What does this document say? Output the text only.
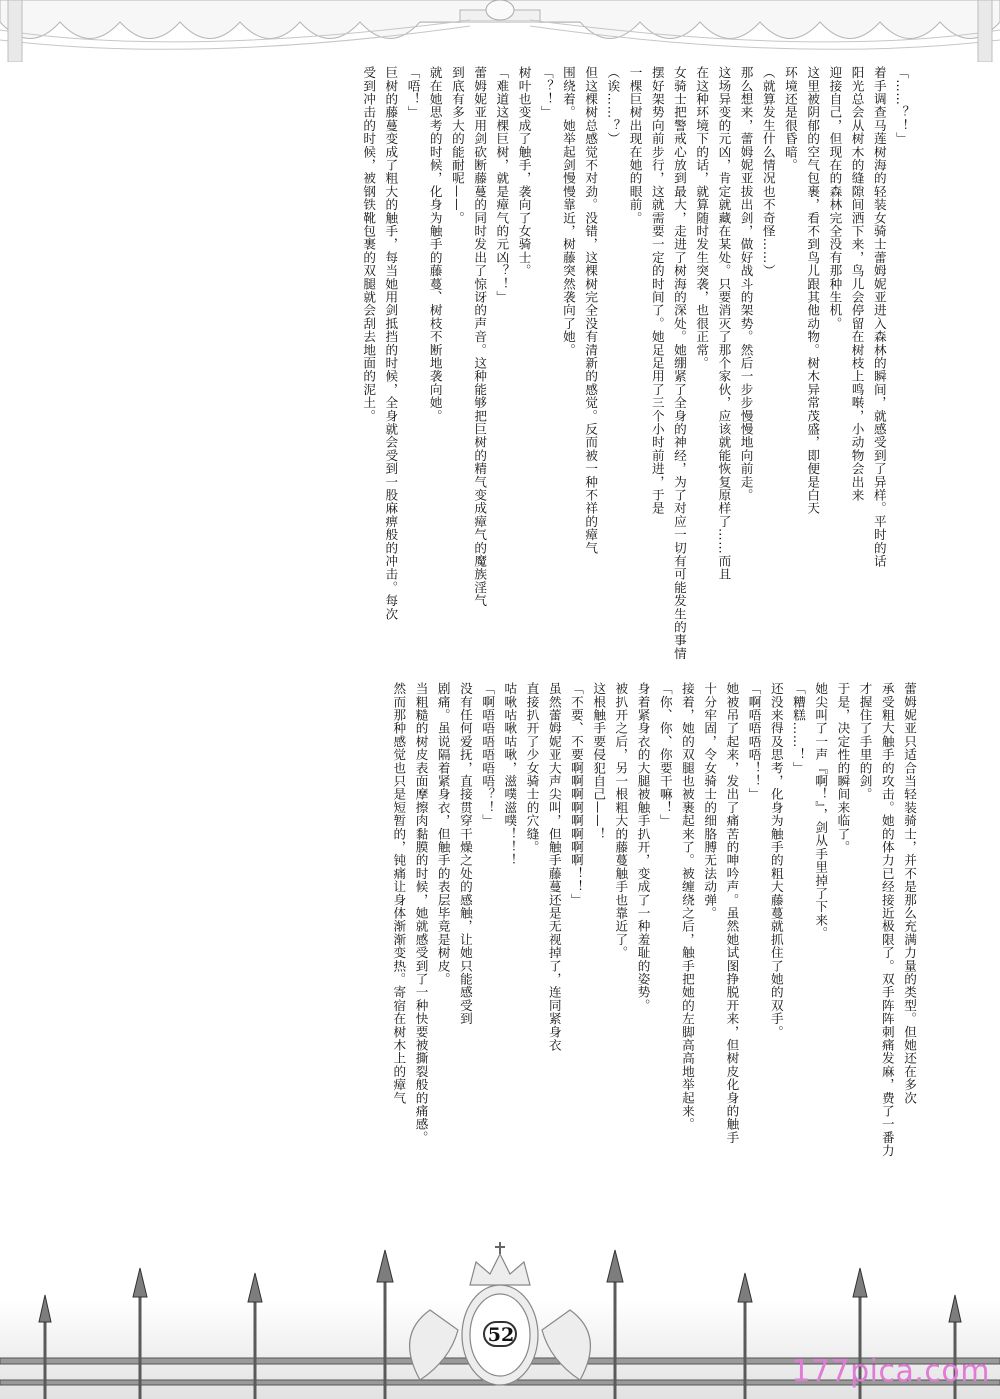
「……？！」
着手调查马莲树海的轻装女骑士蕾姆妮亚进入森林的瞬间，就感受到了异样。平时的话
阳光总会从树木的缝隙间洒下来，鸟儿会停留在树枝上鸣啭，小动物会出来
迎接自己，但现在的森林完全没有那种生机。
这里被阴郁的空气包裹，看不到鸟儿跟其他动物。树木异常茂盛，即便是白天
环境还是很昏暗。
（就算发生什么情况也不奇怪……）
那么想来，蕾姆妮亚拔出剑，做好战斗的架势。然后一步步慢慢地向前走。
这场异变的元凶，肯定就藏在某处。只要消灭了那个家伙，应该就能恢复原样了……而且
在这种环境下的话，就算随时发生突袭，也很正常。
女骑士把警戒心放到最大，走进了树海的深处。她绷紧了全身的神经，为了对应一切有可能发生的事情
摆好架势向前步行，这就需要一定的时间了。她足足用了三个小时前进，于是
一棵巨树出现在她的眼前。
（诶……？）
但这棵树总感觉不对劲。没错，这棵树完全没有清新的感觉。反而被一种不祥的瘴气
围绕着。她举起剑慢慢靠近，树藤突然袭向了她。
「？！」
树叶也变成了触手，袭向了女骑士。
「难道这棵巨树，就是瘴气的元凶？！」
蕾姆妮亚用剑砍断藤蔓的同时发出了惊讶的声音。这种能够把巨树的精气变成瘴气的魔族淫气
到底有多大的能耐呢——。
就在她思考的时候，化身为触手的藤蔓、树枝不断地袭向她。
「唔！」
巨树的藤蔓变成了粗大的触手，每当她用剑抵挡的时候，全身就会受到一股麻痹般的冲击。每次
受到冲击的时候，被钢铁靴包裹的双腿就会刮去地面的泥土。
蕾姆妮亚只适合当轻装骑士，并不是那么充满力量的类型。但她还在多次
承受粗大触手的攻击。她的体力已经接近极限了。双手阵阵刺痛发麻，费了一番力
才握住了手里的剑。
于是，决定性的瞬间来临了。
她尖叫了一声『啊！』，剑从手里掉了下来。
「糟糕……！」
还没来得及思考，化身为触手的粗大藤蔓就抓住了她的双手。
「啊唔唔唔唔！！」
她被吊了起来，发出了痛苦的呻吟声。虽然她试图挣脱开来，但树皮化身的触手
十分牢固，令女骑士的细胳膊无法动弹。
接着，她的双腿也被裹起来了。被缠绕之后，触手把她的左脚高高地举起来。
「你、你、你要干嘛！」
身着紧身衣的大腿被触手扒开，变成了一种羞耻的姿势。
被扒开之后，另一根粗大的藤蔓触手也靠近了。
这根触手要侵犯自己——！
「不要、不要啊啊啊啊啊啊啊啊！！」
虽然蕾姆妮亚大声尖叫，但触手藤蔓还是无视掉了，连同紧身衣
直接扒开了少女骑士的穴缝。
咕啾咕啾咕啾，滋噗滋噗！！！
「啊唔唔唔唔唔唔？！」
没有任何爱抚，直接贯穿干燥之处的感触，让她只能感受到
剧痛。虽说隔着紧身衣，但触手的表层毕竟是树皮。
当粗糙的树皮表面摩擦肉黏膜的时候，她就感受到了一种快要被撕裂般的痛感。
然而那种感觉也只是短暂的，钝痛让身体渐渐变热。寄宿在树木上的瘴气
52
177pica.com
